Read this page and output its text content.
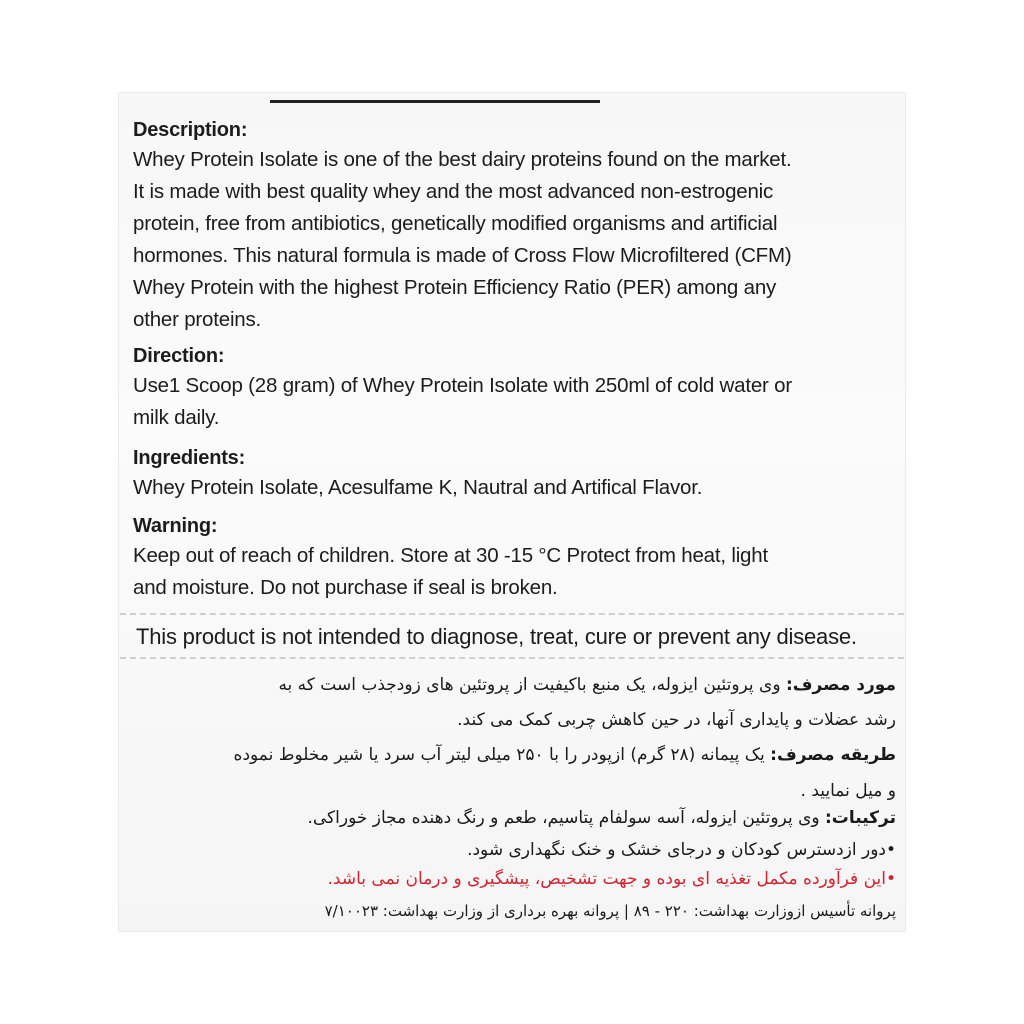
Description:

Whey Protein Isolate is one of the best dairy proteins found on the market.

It is made with best quality whey and the most advanced non-estrogenic

protein, free from antibiotics, genetically modified organisms and artificial

hormones. This natural formula is made of Cross Flow Microfiltered (CFM)

Whey Protein with the highest Protein Efficiency Ratio (PER) among any

other proteins.

Direction:

Use1 Scoop (28 gram) of Whey Protein Isolate with 250ml of cold water or

milk daily.

Ingredients:

Whey Protein Isolate, Acesulfame K, Nautral and Artifical Flavor.

Warning:

Keep out of reach of children. Store at 30 -15 °C Protect from heat, light

and moisture. Do not purchase if seal is broken.

This product is not intended to diagnose, treat, cure or prevent any disease.
مورد مصرف: وی پروتئین ایزوله، یک منبع باکیفیت از پروتئین های زودجذب است که به
رشد عضلات و پایداری آنها، در حین کاهش چربی کمک می کند.
طریقه مصرف: یک پیمانه (۲۸ گرم) ازپودر را با ۲۵۰ میلی لیتر آب سرد یا شیر مخلوط نموده
و میل نمایید .
ترکیبات: وی پروتئین ایزوله، آسه سولفام پتاسیم، طعم و رنگ دهنده مجاز خوراکی.
•دور ازدسترس کودکان و درجای خشک و خنک نگهداری شود.
•این فرآورده مکمل تغذیه ای بوده و جهت تشخیص، پیشگیری و درمان نمی باشد.
پروانه تأسیس ازوزارت بهداشت: ۲۲۰ - ۸۹ | پروانه بهره برداری از وزارت بهداشت: ۷/۱۰۰۲۳
